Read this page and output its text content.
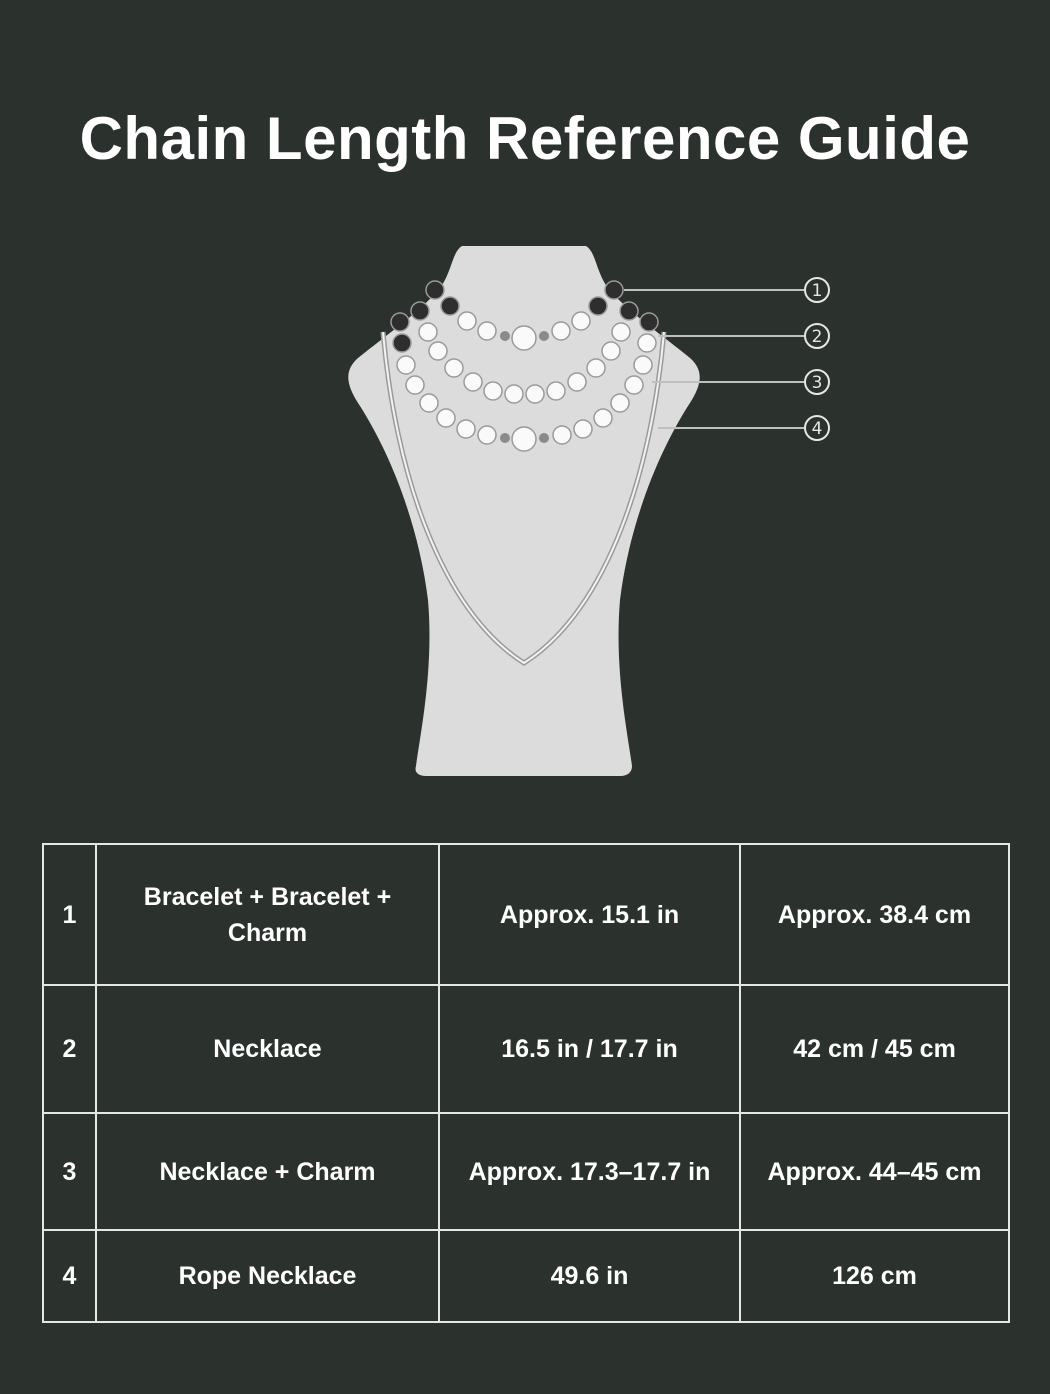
Chain Length Reference Guide
1
2
3
4
1	Bracelet + Bracelet + Charm	Approx. 15.1 in	Approx. 38.4 cm
2	Necklace	16.5 in / 17.7 in	42 cm / 45 cm
3	Necklace + Charm	Approx. 17.3–17.7 in	Approx. 44–45 cm
4	Rope Necklace	49.6 in	126 cm
